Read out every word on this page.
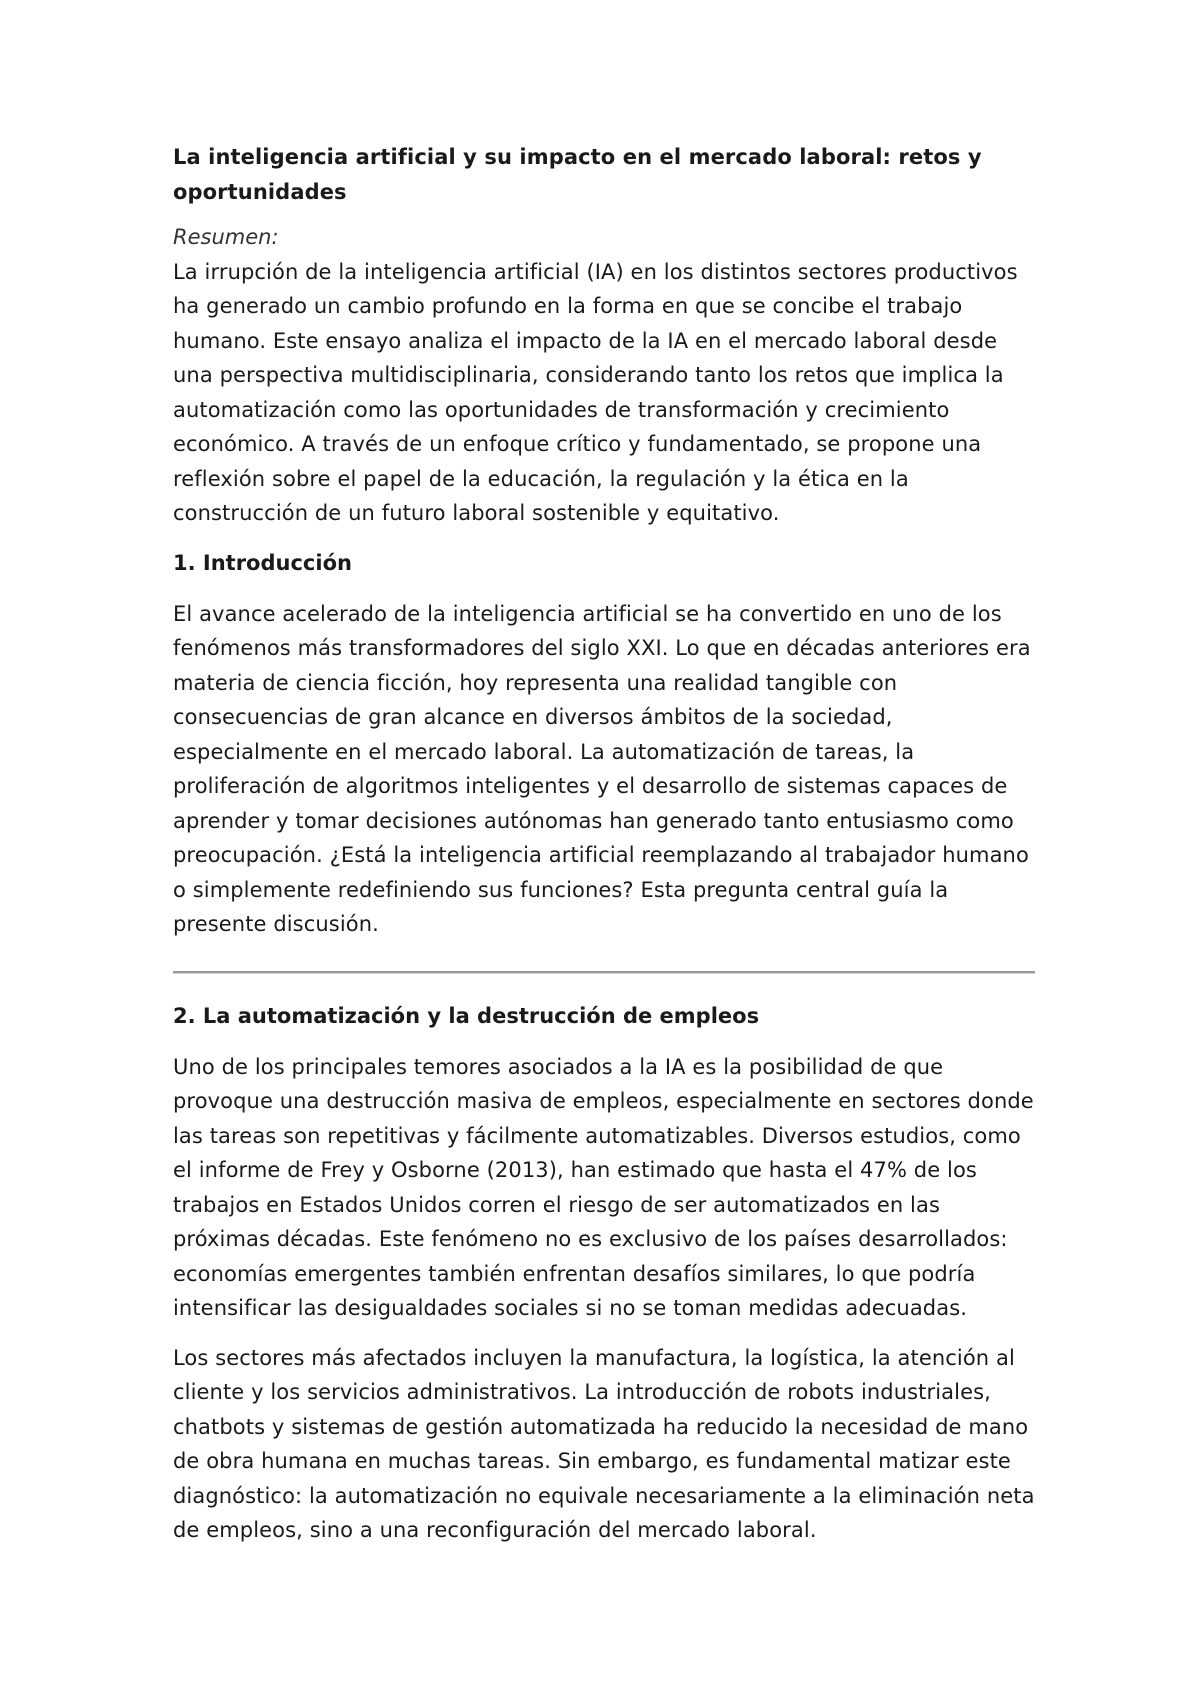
La inteligencia artificial y su impacto en el mercado laboral: retos y oportunidades

Resumen:

La irrupción de la inteligencia artificial (IA) en los distintos sectores productivos ha generado un cambio profundo en la forma en que se concibe el trabajo humano. Este ensayo analiza el impacto de la IA en el mercado laboral desde una perspectiva multidisciplinaria, considerando tanto los retos que implica la automatización como las oportunidades de transformación y crecimiento económico. A través de un enfoque crítico y fundamentado, se propone una reflexión sobre el papel de la educación, la regulación y la ética en la construcción de un futuro laboral sostenible y equitativo.

1. Introducción

El avance acelerado de la inteligencia artificial se ha convertido en uno de los fenómenos más transformadores del siglo XXI. Lo que en décadas anteriores era materia de ciencia ficción, hoy representa una realidad tangible con consecuencias de gran alcance en diversos ámbitos de la sociedad, especialmente en el mercado laboral. La automatización de tareas, la proliferación de algoritmos inteligentes y el desarrollo de sistemas capaces de aprender y tomar decisiones autónomas han generado tanto entusiasmo como preocupación. ¿Está la inteligencia artificial reemplazando al trabajador humano o simplemente redefiniendo sus funciones? Esta pregunta central guía la presente discusión.

2. La automatización y la destrucción de empleos

Uno de los principales temores asociados a la IA es la posibilidad de que provoque una destrucción masiva de empleos, especialmente en sectores donde las tareas son repetitivas y fácilmente automatizables. Diversos estudios, como el informe de Frey y Osborne (2013), han estimado que hasta el 47% de los trabajos en Estados Unidos corren el riesgo de ser automatizados en las próximas décadas. Este fenómeno no es exclusivo de los países desarrollados: economías emergentes también enfrentan desafíos similares, lo que podría intensificar las desigualdades sociales si no se toman medidas adecuadas.

Los sectores más afectados incluyen la manufactura, la logística, la atención al cliente y los servicios administrativos. La introducción de robots industriales, chatbots y sistemas de gestión automatizada ha reducido la necesidad de mano de obra humana en muchas tareas. Sin embargo, es fundamental matizar este diagnóstico: la automatización no equivale necesariamente a la eliminación neta de empleos, sino a una reconfiguración del mercado laboral.
